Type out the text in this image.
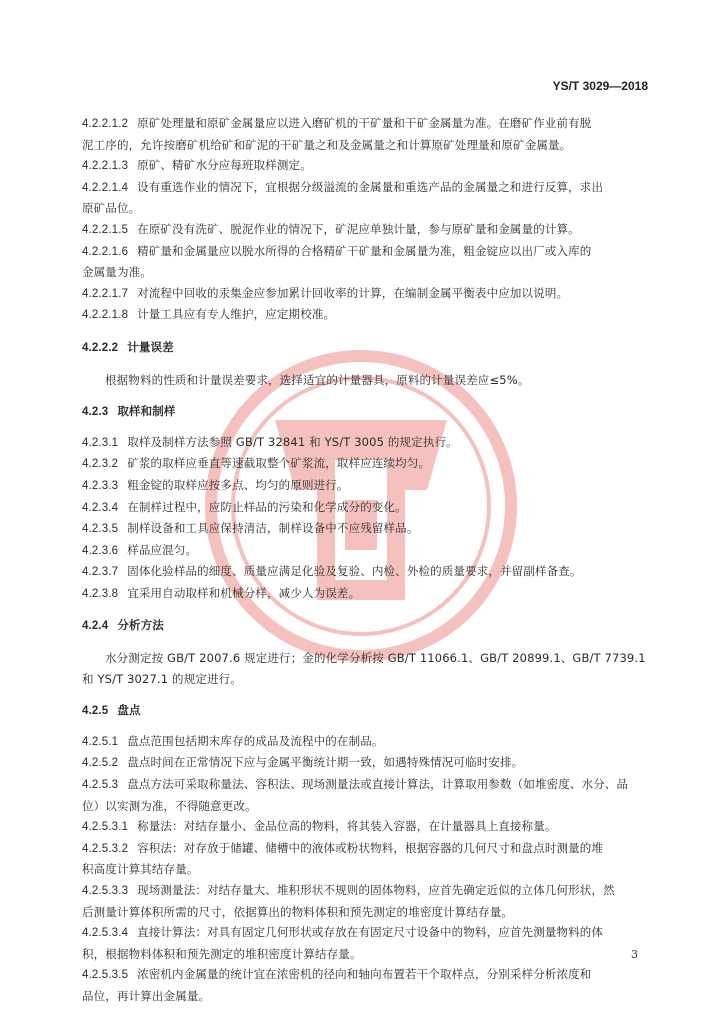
YS/T 3029—2018

4.2.2.1.2 原矿处理量和原矿金属量应以进入磨矿机的干矿量和干矿金属量为准。在磨矿作业前有脱

泥工序的，允许按磨矿机给矿和矿泥的干矿量之和及金属量之和计算原矿处理量和原矿金属量。

4.2.2.1.3 原矿、精矿水分应每班取样测定。

4.2.2.1.4 设有重选作业的情况下，宜根据分级溢流的金属量和重选产品的金属量之和进行反算，求出

原矿品位。

4.2.2.1.5 在原矿没有洗矿、脱泥作业的情况下，矿泥应单独计量，参与原矿量和金属量的计算。

4.2.2.1.6 精矿量和金属量应以脱水所得的合格精矿干矿量和金属量为准，粗金锭应以出厂或入库的

金属量为准。

4.2.2.1.7 对流程中回收的汞集金应参加累计回收率的计算，在编制金属平衡表中应加以说明。

4.2.2.1.8 计量工具应有专人维护，应定期校准。

4.2.2.2 计量误差

根据物料的性质和计量误差要求，选择适宜的计量器具，原料的计量误差应≤5%。

4.2.3 取样和制样

4.2.3.1 取样及制样方法参照 GB/T 32841 和 YS/T 3005 的规定执行。

4.2.3.2 矿浆的取样应垂直等速截取整个矿浆流，取样应连续均匀。

4.2.3.3 粗金锭的取样应按多点、均匀的原则进行。

4.2.3.4 在制样过程中，应防止样品的污染和化学成分的变化。

4.2.3.5 制样设备和工具应保持清洁，制样设备中不应残留样品。

4.2.3.6 样品应混匀。

4.2.3.7 固体化验样品的细度、质量应满足化验及复验、内检、外检的质量要求，并留副样备查。

4.2.3.8 宜采用自动取样和机械分样，减少人为误差。

4.2.4 分析方法

水分测定按 GB/T 2007.6 规定进行；金的化学分析按 GB/T 11066.1、GB/T 20899.1、GB/T 7739.1

和 YS/T 3027.1 的规定进行。

4.2.5 盘点

4.2.5.1 盘点范围包括期末库存的成品及流程中的在制品。

4.2.5.2 盘点时间在正常情况下应与金属平衡统计期一致，如遇特殊情况可临时安排。

4.2.5.3 盘点方法可采取称量法、容积法、现场测量法或直接计算法，计算取用参数（如堆密度、水分、品

位）以实测为准，不得随意更改。

4.2.5.3.1 称量法：对结存量小、金品位高的物料，将其装入容器，在计量器具上直接称量。

4.2.5.3.2 容积法：对存放于储罐、储槽中的液体或粉状物料，根据容器的几何尺寸和盘点时测量的堆

积高度计算其结存量。

4.2.5.3.3 现场测量法：对结存量大、堆积形状不规则的固体物料，应首先确定近似的立体几何形状，然

后测量计算体积所需的尺寸，依据算出的物料体积和预先测定的堆密度计算结存量。

4.2.5.3.4 直接计算法：对具有固定几何形状或存放在有固定尺寸设备中的物料，应首先测量物料的体

积，根据物料体积和预先测定的堆积密度计算结存量。

4.2.5.3.5 浓密机内金属量的统计宜在浓密机的径向和轴向布置若干个取样点，分别采样分析浓度和

品位，再计算出金属量。

3
